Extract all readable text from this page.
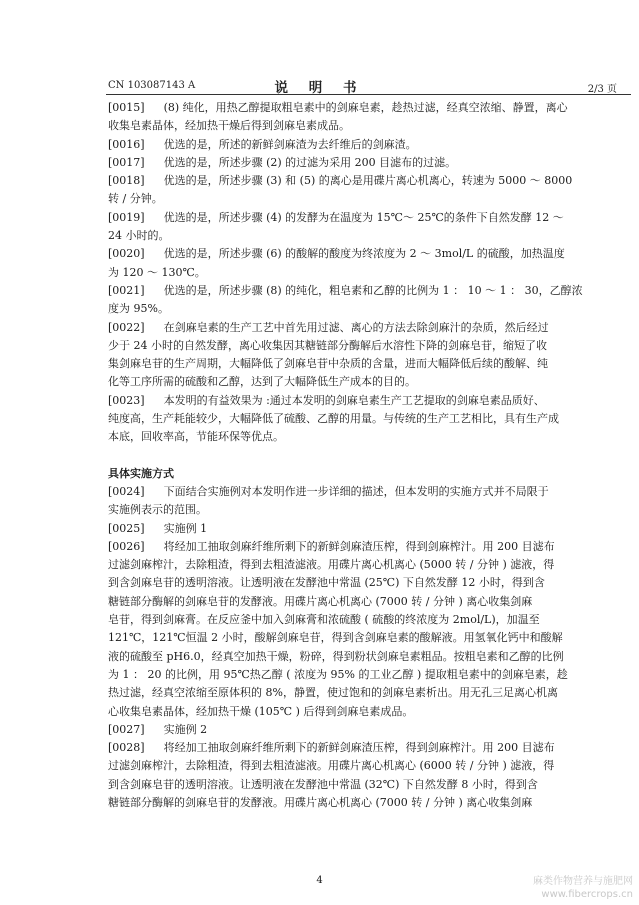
CN 103087143 A	说 明 书	2/3 页
[0015] (8) 纯化，用热乙醇提取粗皂素中的剑麻皂素，趁热过滤，经真空浓缩、静置，离心
收集皂素晶体，经加热干燥后得到剑麻皂素成品。
[0016] 优选的是，所述的新鲜剑麻渣为去纤维后的剑麻渣。
[0017] 优选的是，所述步骤 (2) 的过滤为采用 200 目滤布的过滤。
[0018] 优选的是，所述步骤 (3) 和 (5) 的离心是用碟片离心机离心，转速为 5000 ～ 8000
转 / 分钟。
[0019] 优选的是，所述步骤 (4) 的发酵为在温度为 15℃～ 25℃的条件下自然发酵 12 ～
24 小时的。
[0020] 优选的是，所述步骤 (6) 的酸解的酸度为终浓度为 2 ～ 3mol/L 的硫酸，加热温度
为 120 ～ 130℃。
[0021] 优选的是，所述步骤 (8) 的纯化，粗皂素和乙醇的比例为 1 ： 10 ～ 1 ： 30，乙醇浓
度为 95%。
[0022] 在剑麻皂素的生产工艺中首先用过滤、离心的方法去除剑麻汁的杂质，然后经过
少于 24 小时的自然发酵，离心收集因其糖链部分酶解后水溶性下降的剑麻皂苷，缩短了收
集剑麻皂苷的生产周期，大幅降低了剑麻皂苷中杂质的含量，进而大幅降低后续的酸解、纯
化等工序所需的硫酸和乙醇，达到了大幅降低生产成本的目的。
[0023] 本发明的有益效果为 :通过本发明的剑麻皂素生产工艺提取的剑麻皂素品质好、
纯度高，生产耗能较少，大幅降低了硫酸、乙醇的用量。与传统的生产工艺相比，具有生产成
本底，回收率高，节能环保等优点。
具体实施方式
[0024] 下面结合实施例对本发明作进一步详细的描述，但本发明的实施方式并不局限于
实施例表示的范围。
[0025] 实施例 1
[0026] 将经加工抽取剑麻纤维所剩下的新鲜剑麻渣压榨，得到剑麻榨汁。用 200 目滤布
过滤剑麻榨汁，去除粗渣，得到去粗渣滤液。用碟片离心机离心 (5000 转 / 分钟 ) 滤液，得
到含剑麻皂苷的透明溶液。让透明液在发酵池中常温 (25℃) 下自然发酵 12 小时，得到含
糖链部分酶解的剑麻皂苷的发酵液。用碟片离心机离心 (7000 转 / 分钟 ) 离心收集剑麻
皂苷，得到剑麻膏。在反应釜中加入剑麻膏和浓硫酸 ( 硫酸的终浓度为 2mol/L)，加温至
121℃，121℃恒温 2 小时，酸解剑麻皂苷，得到含剑麻皂素的酸解液。用氢氧化钙中和酸解
液的硫酸至 pH6.0，经真空加热干燥，粉碎，得到粉状剑麻皂素粗品。按粗皂素和乙醇的比例
为 1 ： 20 的比例，用 95℃热乙醇 ( 浓度为 95% 的工业乙醇 ) 提取粗皂素中的剑麻皂素，趁
热过滤，经真空浓缩至原体积的 8%，静置，使过饱和的剑麻皂素析出。用无孔三足离心机离
心收集皂素晶体，经加热干燥 (105℃ ) 后得到剑麻皂素成品。
[0027] 实施例 2
[0028] 将经加工抽取剑麻纤维所剩下的新鲜剑麻渣压榨，得到剑麻榨汁。用 200 目滤布
过滤剑麻榨汁，去除粗渣，得到去粗渣滤液。用碟片离心机离心 (6000 转 / 分钟 ) 滤液，得
到含剑麻皂苷的透明溶液。让透明液在发酵池中常温 (32℃) 下自然发酵 8 小时，得到含
糖链部分酶解的剑麻皂苷的发酵液。用碟片离心机离心 (7000 转 / 分钟 ) 离心收集剑麻
4	麻类作物营养与施肥网
www.fibercrops.cn
